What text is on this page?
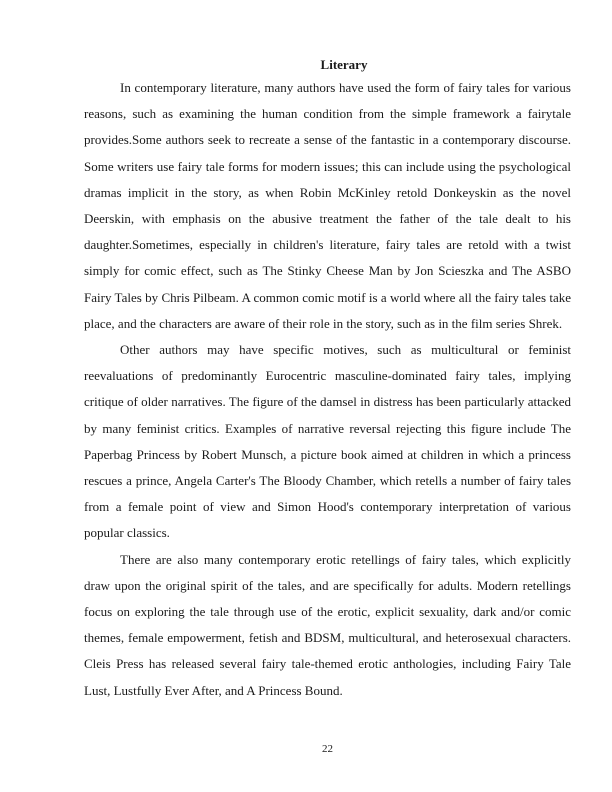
Literary

In contemporary literature, many authors have used the form of fairy tales for various reasons, such as examining the human condition from the simple framework a fairytale provides.Some authors seek to recreate a sense of the fantastic in a contemporary discourse. Some writers use fairy tale forms for modern issues; this can include using the psychological dramas implicit in the story, as when Robin McKinley retold Donkeyskin as the novel Deerskin, with emphasis on the abusive treatment the father of the tale dealt to his daughter.Sometimes, especially in children's literature, fairy tales are retold with a twist simply for comic effect, such as The Stinky Cheese Man by Jon Scieszka and The ASBO Fairy Tales by Chris Pilbeam. A common comic motif is a world where all the fairy tales take place, and the characters are aware of their role in the story, such as in the film series Shrek.

Other authors may have specific motives, such as multicultural or feminist reevaluations of predominantly Eurocentric masculine-dominated fairy tales, implying critique of older narratives. The figure of the damsel in distress has been particularly attacked by many feminist critics. Examples of narrative reversal rejecting this figure include The Paperbag Princess by Robert Munsch, a picture book aimed at children in which a princess rescues a prince, Angela Carter's The Bloody Chamber, which retells a number of fairy tales from a female point of view and Simon Hood's contemporary interpretation of various popular classics.

There are also many contemporary erotic retellings of fairy tales, which explicitly draw upon the original spirit of the tales, and are specifically for adults. Modern retellings focus on exploring the tale through use of the erotic, explicit sexuality, dark and/or comic themes, female empowerment, fetish and BDSM, multicultural, and heterosexual characters. Cleis Press has released several fairy tale-themed erotic anthologies, including Fairy Tale Lust, Lustfully Ever After, and A Princess Bound.

22
